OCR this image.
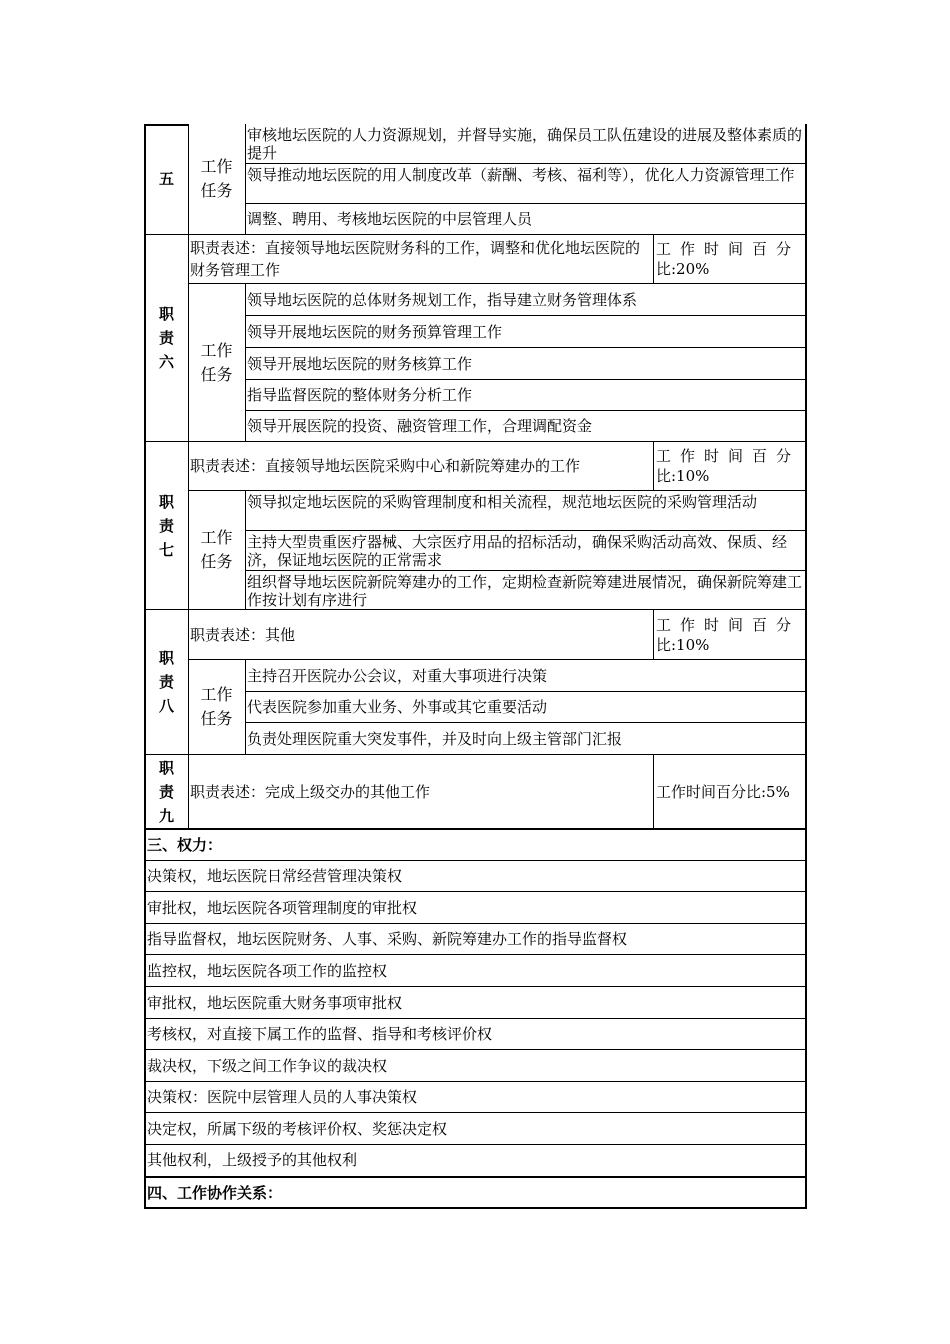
五
工作
任务
审核地坛医院的人力资源规划，并督导实施，确保员工队伍建设的进展及整体素质的提升
领导推动地坛医院的用人制度改革（薪酬、考核、福利等），优化人力资源管理工作
调整、聘用、考核地坛医院的中层管理人员
职
责
六
职责表述：直接领导地坛医院财务科的工作，调整和优化地坛医院的财务管理工作
工作时间百分
比:20%
工作
任务
领导地坛医院的总体财务规划工作，指导建立财务管理体系
领导开展地坛医院的财务预算管理工作
领导开展地坛医院的财务核算工作
指导监督医院的整体财务分析工作
领导开展医院的投资、融资管理工作，合理调配资金
职
责
七
职责表述：直接领导地坛医院采购中心和新院筹建办的工作
工作时间百分
比:10%
工作
任务
领导拟定地坛医院的采购管理制度和相关流程，规范地坛医院的采购管理活动
主持大型贵重医疗器械、大宗医疗用品的招标活动，确保采购活动高效、保质、经济，保证地坛医院的正常需求
组织督导地坛医院新院筹建办的工作，定期检查新院筹建进展情况，确保新院筹建工作按计划有序进行
职
责
八
职责表述：其他
工作时间百分
比:10%
工作
任务
主持召开医院办公会议，对重大事项进行决策
代表医院参加重大业务、外事或其它重要活动
负责处理医院重大突发事件，并及时向上级主管部门汇报
职
责
九
职责表述：完成上级交办的其他工作	工作时间百分比:5%
三、权力：
决策权，地坛医院日常经营管理决策权
审批权，地坛医院各项管理制度的审批权
指导监督权，地坛医院财务、人事、采购、新院筹建办工作的指导监督权
监控权，地坛医院各项工作的监控权
审批权，地坛医院重大财务事项审批权
考核权，对直接下属工作的监督、指导和考核评价权
裁决权，下级之间工作争议的裁决权
决策权：医院中层管理人员的人事决策权
决定权，所属下级的考核评价权、奖惩决定权
其他权利，上级授予的其他权利
四、工作协作关系：
